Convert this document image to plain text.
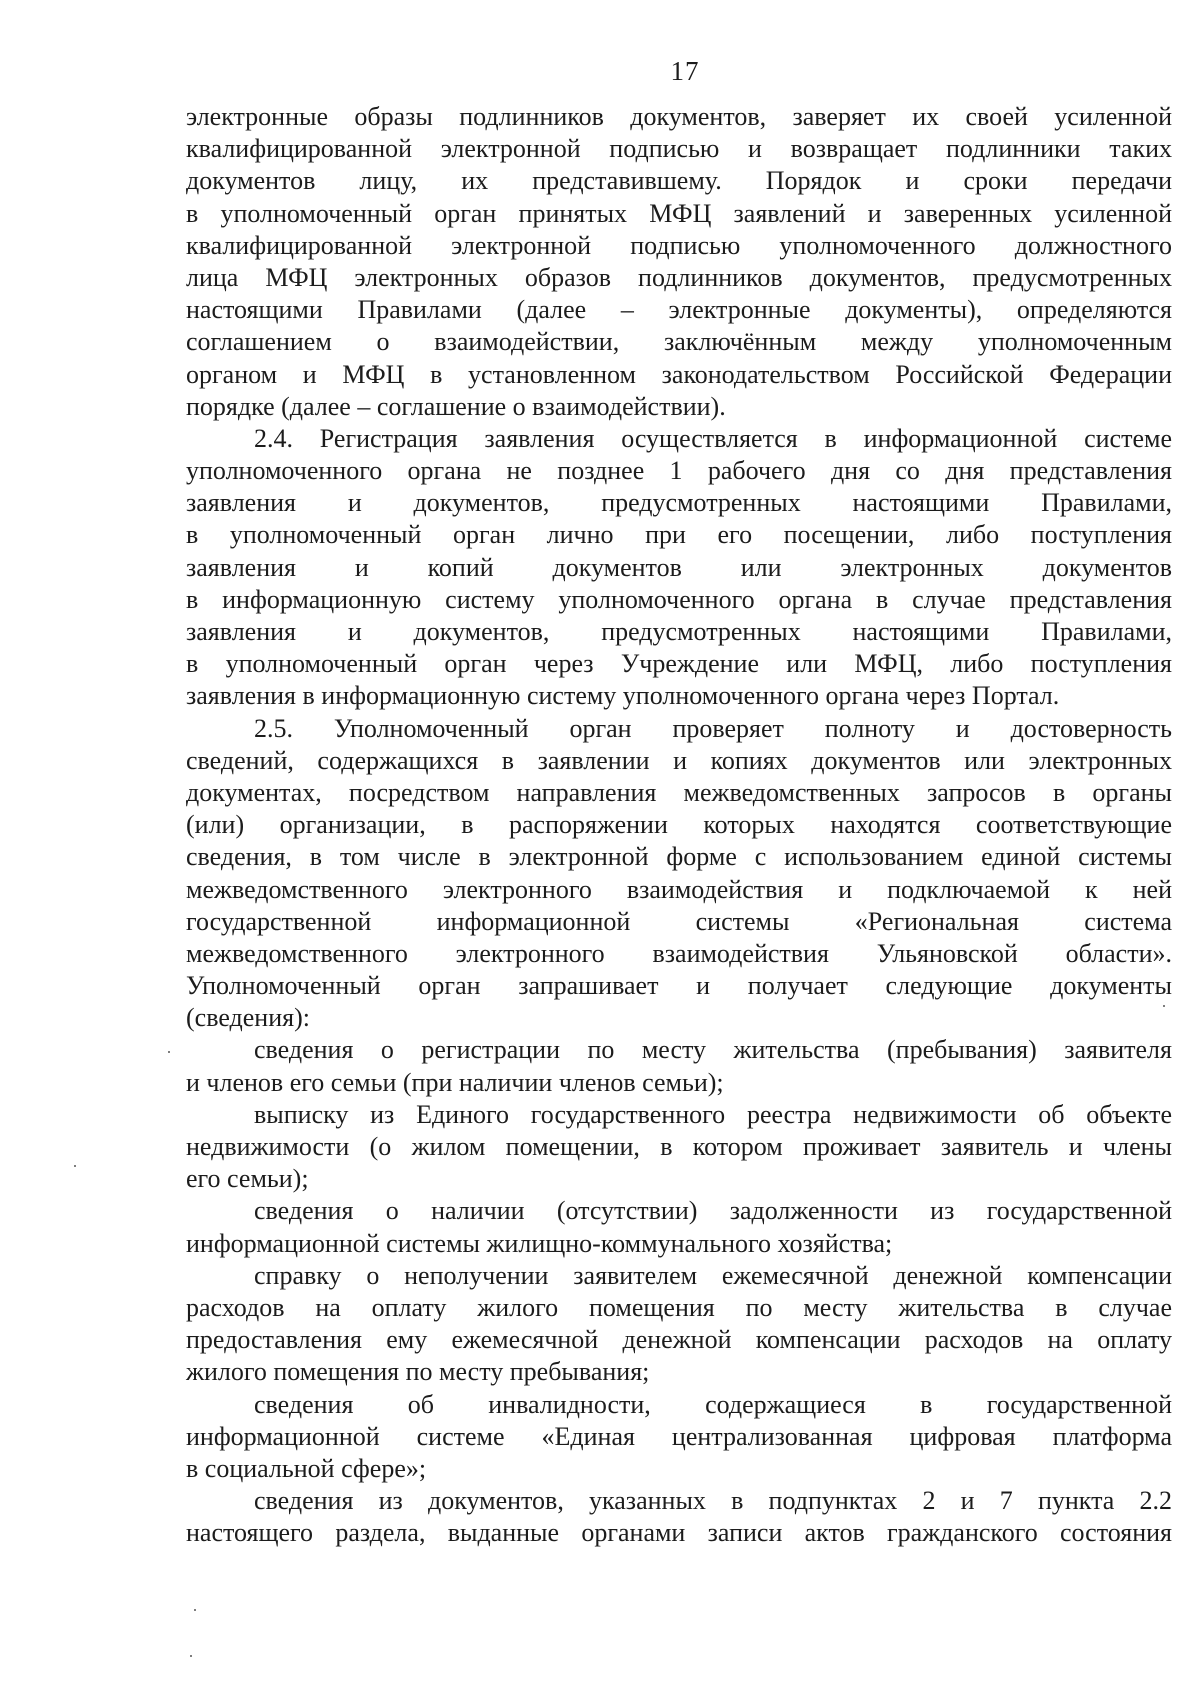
17
электронные образы подлинников документов, заверяет их своей усиленной
квалифицированной электронной подписью и возвращает подлинники таких
документов лицу, их представившему. Порядок и сроки передачи
в уполномоченный орган принятых МФЦ заявлений и заверенных усиленной
квалифицированной электронной подписью уполномоченного должностного
лица МФЦ электронных образов подлинников документов, предусмотренных
настоящими Правилами (далее – электронные документы), определяются
соглашением о взаимодействии, заключённым между уполномоченным
органом и МФЦ в установленном законодательством Российской Федерации
порядке (далее – соглашение о взаимодействии).
2.4. Регистрация заявления осуществляется в информационной системе
уполномоченного органа не позднее 1 рабочего дня со дня представления
заявления и документов, предусмотренных настоящими Правилами,
в уполномоченный орган лично при его посещении, либо поступления
заявления и копий документов или электронных документов
в информационную систему уполномоченного органа в случае представления
заявления и документов, предусмотренных настоящими Правилами,
в уполномоченный орган через Учреждение или МФЦ, либо поступления
заявления в информационную систему уполномоченного органа через Портал.
2.5. Уполномоченный орган проверяет полноту и достоверность
сведений, содержащихся в заявлении и копиях документов или электронных
документах, посредством направления межведомственных запросов в органы
(или) организации, в распоряжении которых находятся соответствующие
сведения, в том числе в электронной форме с использованием единой системы
межведомственного электронного взаимодействия и подключаемой к ней
государственной информационной системы «Региональная система
межведомственного электронного взаимодействия Ульяновской области».
Уполномоченный орган запрашивает и получает следующие документы
(сведения):
сведения о регистрации по месту жительства (пребывания) заявителя
и членов его семьи (при наличии членов семьи);
выписку из Единого государственного реестра недвижимости об объекте
недвижимости (о жилом помещении, в котором проживает заявитель и члены
его семьи);
сведения о наличии (отсутствии) задолженности из государственной
информационной системы жилищно-коммунального хозяйства;
справку о неполучении заявителем ежемесячной денежной компенсации
расходов на оплату жилого помещения по месту жительства в случае
предоставления ему ежемесячной денежной компенсации расходов на оплату
жилого помещения по месту пребывания;
сведения об инвалидности, содержащиеся в государственной
информационной системе «Единая централизованная цифровая платформа
в социальной сфере»;
сведения из документов, указанных в подпунктах 2 и 7 пункта 2.2
настоящего раздела, выданные органами записи актов гражданского состояния
